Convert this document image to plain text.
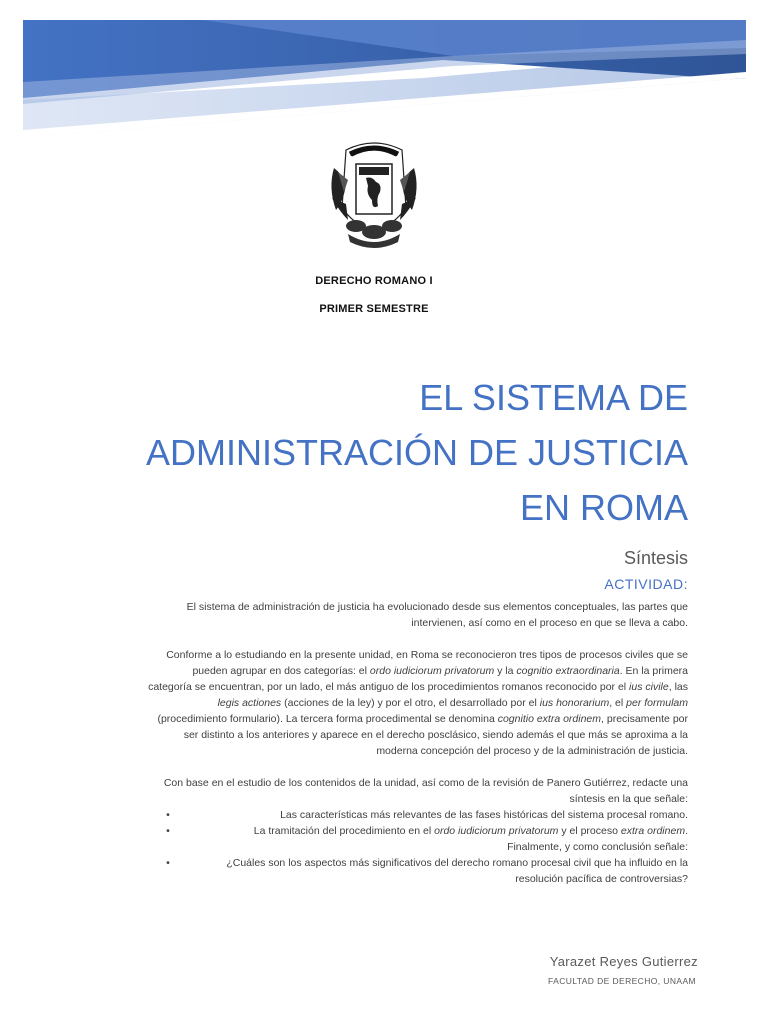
DERECHO ROMANO I
PRIMER SEMESTRE
EL SISTEMA DE
ADMINISTRACIÓN DE JUSTICIA
EN ROMA
Síntesis
ACTIVIDAD:

El sistema de administración de justicia ha evolucionado desde sus elementos conceptuales, las partes que intervienen, así como en el proceso en que se lleva a cabo.

Conforme a lo estudiando en la presente unidad, en Roma se reconocieron tres tipos de procesos civiles que se pueden agrupar en dos categorías: el ordo iudiciorum privatorum y la cognitio extraordinaria. En la primera categoría se encuentran, por un lado, el más antiguo de los procedimientos romanos reconocido por el ius civile, las legis actiones (acciones de la ley) y por el otro, el desarrollado por el ius honorarium, el per formulam (procedimiento formulario). La tercera forma procedimental se denomina cognitio extra ordinem, precisamente por ser distinto a los anteriores y aparece en el derecho posclásico, siendo además el que más se aproxima a la moderna concepción del proceso y de la administración de justicia.

Con base en el estudio de los contenidos de la unidad, así como de la revisión de Panero Gutiérrez, redacte una síntesis en la que señale:

•	Las características más relevantes de las fases históricas del sistema procesal romano.
•	La tramitación del procedimiento en el ordo iudiciorum privatorum y el proceso extra ordinem.

Finalmente, y como conclusión señale:

•	¿Cuáles son los aspectos más significativos del derecho romano procesal civil que ha influido en la resolución pacífica de controversias?
Yarazet Reyes Gutierrez
FACULTAD DE DERECHO, UNAAM
